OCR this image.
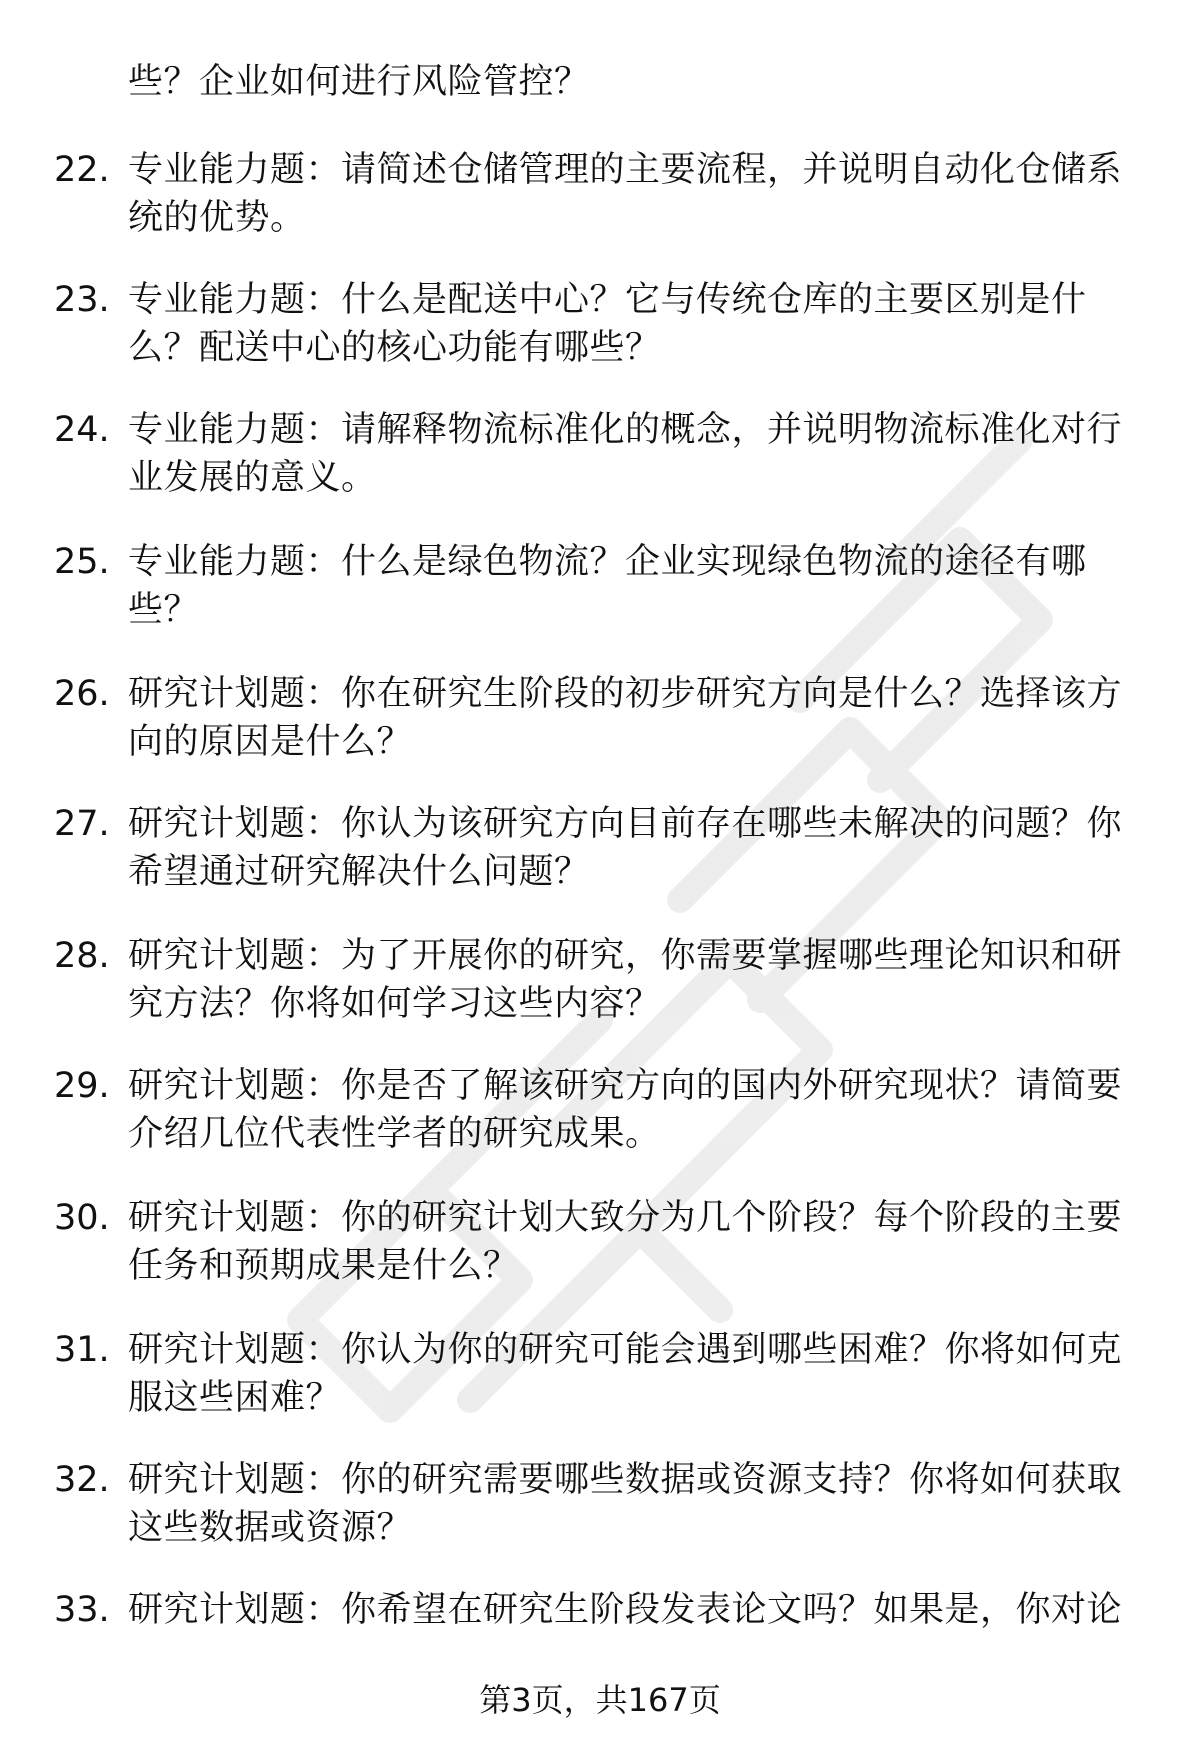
些？企业如何进行风险管控？
22. 专业能力题：请简述仓储管理的主要流程，并说明自动化仓储系
统的优势。
23. 专业能力题：什么是配送中心？它与传统仓库的主要区别是什
么？配送中心的核心功能有哪些？
24. 专业能力题：请解释物流标准化的概念，并说明物流标准化对行
业发展的意义。
25. 专业能力题：什么是绿色物流？企业实现绿色物流的途径有哪
些？
26. 研究计划题：你在研究生阶段的初步研究方向是什么？选择该方
向的原因是什么？
27. 研究计划题：你认为该研究方向目前存在哪些未解决的问题？你
希望通过研究解决什么问题？
28. 研究计划题：为了开展你的研究，你需要掌握哪些理论知识和研
究方法？你将如何学习这些内容？
29. 研究计划题：你是否了解该研究方向的国内外研究现状？请简要
介绍几位代表性学者的研究成果。
30. 研究计划题：你的研究计划大致分为几个阶段？每个阶段的主要
任务和预期成果是什么？
31. 研究计划题：你认为你的研究可能会遇到哪些困难？你将如何克
服这些困难？
32. 研究计划题：你的研究需要哪些数据或资源支持？你将如何获取
这些数据或资源？
33. 研究计划题：你希望在研究生阶段发表论文吗？如果是，你对论
第3页，共167页
